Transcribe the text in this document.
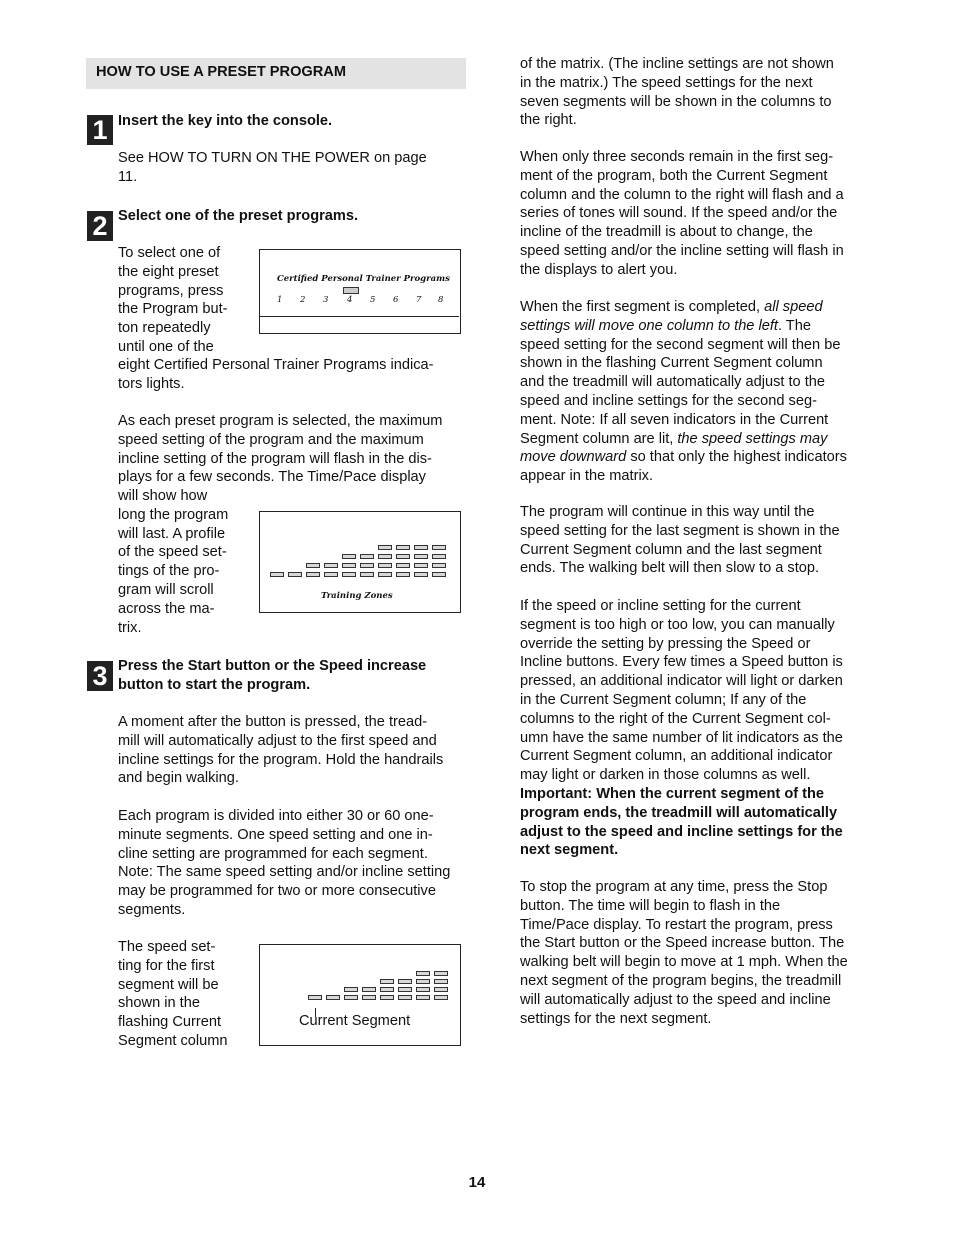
HOW TO USE A PRESET PROGRAM
1 Insert the key into the console.
See HOW TO TURN ON THE POWER on page
11.
2 Select one of the preset programs.
To select one of
the eight preset
programs, press
the Program but-
ton repeatedly
until one of the
eight Certified Personal Trainer Programs indica-
tors lights.
As each preset program is selected, the maximum
speed setting of the program and the maximum
incline setting of the program will flash in the dis-
plays for a few seconds. The Time/Pace display
will show how
long the program
will last. A profile
of the speed set-
tings of the pro-
gram will scroll
across the ma-
trix.
Certified Personal Trainer Programs
1 2 3 4 5 6 7 8
Training Zones
3 Press the Start button or the Speed increase
button to start the program.
A moment after the button is pressed, the tread-
mill will automatically adjust to the first speed and
incline settings for the program. Hold the handrails
and begin walking.
Each program is divided into either 30 or 60 one-
minute segments. One speed setting and one in-
cline setting are programmed for each segment.
Note: The same speed setting and/or incline setting
may be programmed for two or more consecutive
segments.
The speed set-
ting for the first
segment will be
shown in the
flashing Current
Segment column
Current Segment
of the matrix. (The incline settings are not shown
in the matrix.) The speed settings for the next
seven segments will be shown in the columns to
the right.
When only three seconds remain in the first seg-
ment of the program, both the Current Segment
column and the column to the right will flash and a
series of tones will sound. If the speed and/or the
incline of the treadmill is about to change, the
speed setting and/or the incline setting will flash in
the displays to alert you.
When the first segment is completed, all speed
settings will move one column to the left. The
speed setting for the second segment will then be
shown in the flashing Current Segment column
and the treadmill will automatically adjust to the
speed and incline settings for the second seg-
ment. Note: If all seven indicators in the Current
Segment column are lit, the speed settings may
move downward so that only the highest indicators
appear in the matrix.
The program will continue in this way until the
speed setting for the last segment is shown in the
Current Segment column and the last segment
ends. The walking belt will then slow to a stop.
If the speed or incline setting for the current
segment is too high or too low, you can manually
override the setting by pressing the Speed or
Incline buttons. Every few times a Speed button is
pressed, an additional indicator will light or darken
in the Current Segment column; If any of the
columns to the right of the Current Segment col-
umn have the same number of lit indicators as the
Current Segment column, an additional indicator
may light or darken in those columns as well.
Important: When the current segment of the
program ends, the treadmill will automatically
adjust to the speed and incline settings for the
next segment.
To stop the program at any time, press the Stop
button. The time will begin to flash in the
Time/Pace display. To restart the program, press
the Start button or the Speed increase button. The
walking belt will begin to move at 1 mph. When the
next segment of the program begins, the treadmill
will automatically adjust to the speed and incline
settings for the next segment.
14
